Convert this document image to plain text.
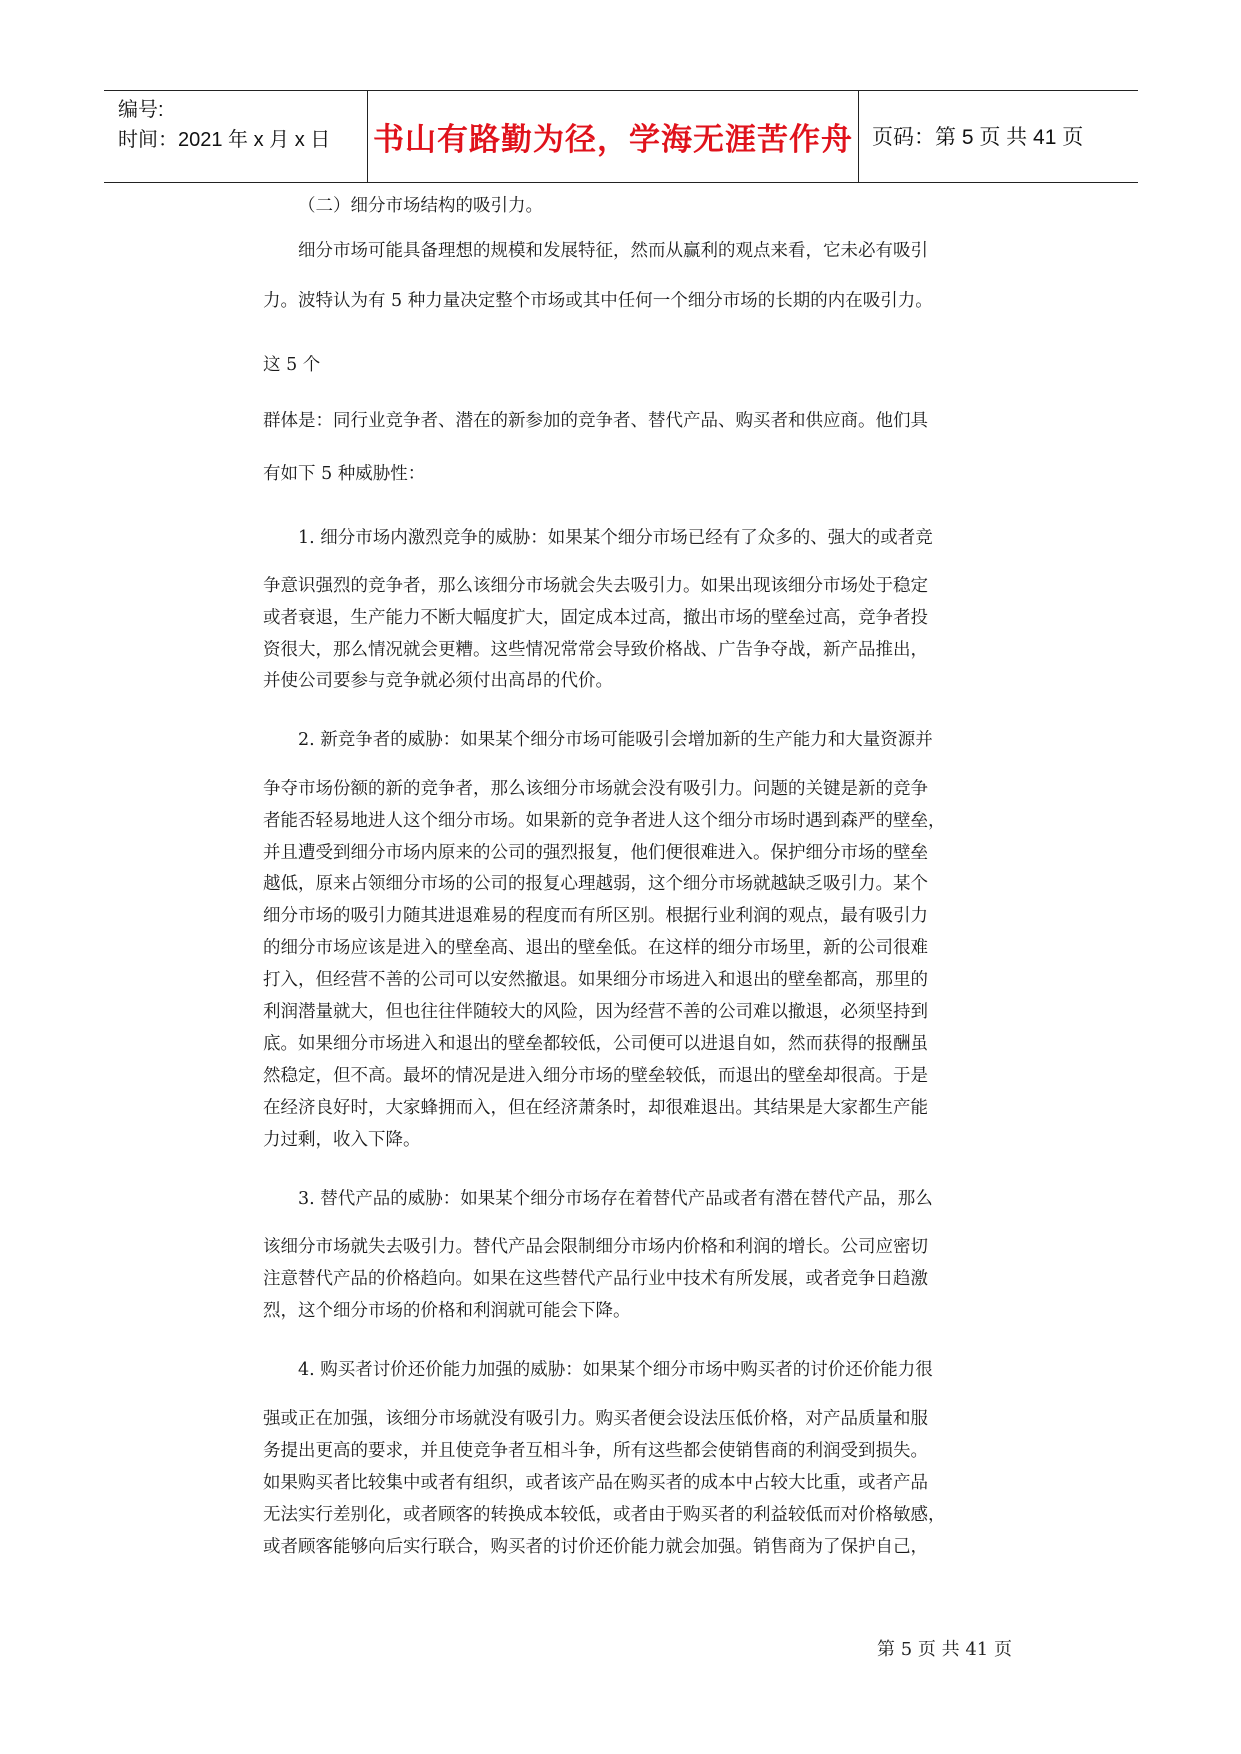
编号:
时间：2021 年 x 月 x 日 书山有路勤为径，学海无涯苦作舟 页码：第 5 页 共 41 页
（二）细分市场结构的吸引力。
细分市场可能具备理想的规模和发展特征，然而从赢利的观点来看，它未必有吸引
力。波特认为有 5 种力量决定整个市场或其中任何一个细分市场的长期的内在吸引力。
这 5 个
群体是：同行业竞争者、潜在的新参加的竞争者、替代产品、购买者和供应商。他们具
有如下 5 种威胁性：
1. 细分市场内激烈竞争的威胁：如果某个细分市场已经有了众多的、强大的或者竞
争意识强烈的竞争者，那么该细分市场就会失去吸引力。如果出现该细分市场处于稳定
或者衰退，生产能力不断大幅度扩大，固定成本过高，撤出市场的壁垒过高，竞争者投
资很大，那么情况就会更糟。这些情况常常会导致价格战、广告争夺战，新产品推出，
并使公司要参与竞争就必须付出高昂的代价。
2. 新竞争者的威胁：如果某个细分市场可能吸引会增加新的生产能力和大量资源并
争夺市场份额的新的竞争者，那么该细分市场就会没有吸引力。问题的关键是新的竞争
者能否轻易地进人这个细分市场。如果新的竞争者进人这个细分市场时遇到森严的壁垒，
并且遭受到细分市场内原来的公司的强烈报复，他们便很难进入。保护细分市场的壁垒
越低，原来占领细分市场的公司的报复心理越弱，这个细分市场就越缺乏吸引力。某个
细分市场的吸引力随其进退难易的程度而有所区别。根据行业利润的观点，最有吸引力
的细分市场应该是进入的壁垒高、退出的壁垒低。在这样的细分市场里，新的公司很难
打入，但经营不善的公司可以安然撤退。如果细分市场进入和退出的壁垒都高，那里的
利润潜量就大，但也往往伴随较大的风险，因为经营不善的公司难以撤退，必须坚持到
底。如果细分市场进入和退出的壁垒都较低，公司便可以进退自如，然而获得的报酬虽
然稳定，但不高。最坏的情况是进入细分市场的壁垒较低，而退出的壁垒却很高。于是
在经济良好时，大家蜂拥而入，但在经济萧条时，却很难退出。其结果是大家都生产能
力过剩，收入下降。
3. 替代产品的威胁：如果某个细分市场存在着替代产品或者有潜在替代产品，那么
该细分市场就失去吸引力。替代产品会限制细分市场内价格和利润的增长。公司应密切
注意替代产品的价格趋向。如果在这些替代产品行业中技术有所发展，或者竞争日趋激
烈，这个细分市场的价格和利润就可能会下降。
4. 购买者讨价还价能力加强的威胁：如果某个细分市场中购买者的讨价还价能力很
强或正在加强，该细分市场就没有吸引力。购买者便会设法压低价格，对产品质量和服
务提出更高的要求，并且使竞争者互相斗争，所有这些都会使销售商的利润受到损失。
如果购买者比较集中或者有组织，或者该产品在购买者的成本中占较大比重，或者产品
无法实行差别化，或者顾客的转换成本较低，或者由于购买者的利益较低而对价格敏感，
或者顾客能够向后实行联合，购买者的讨价还价能力就会加强。销售商为了保护自己，
第 5 页 共 41 页
